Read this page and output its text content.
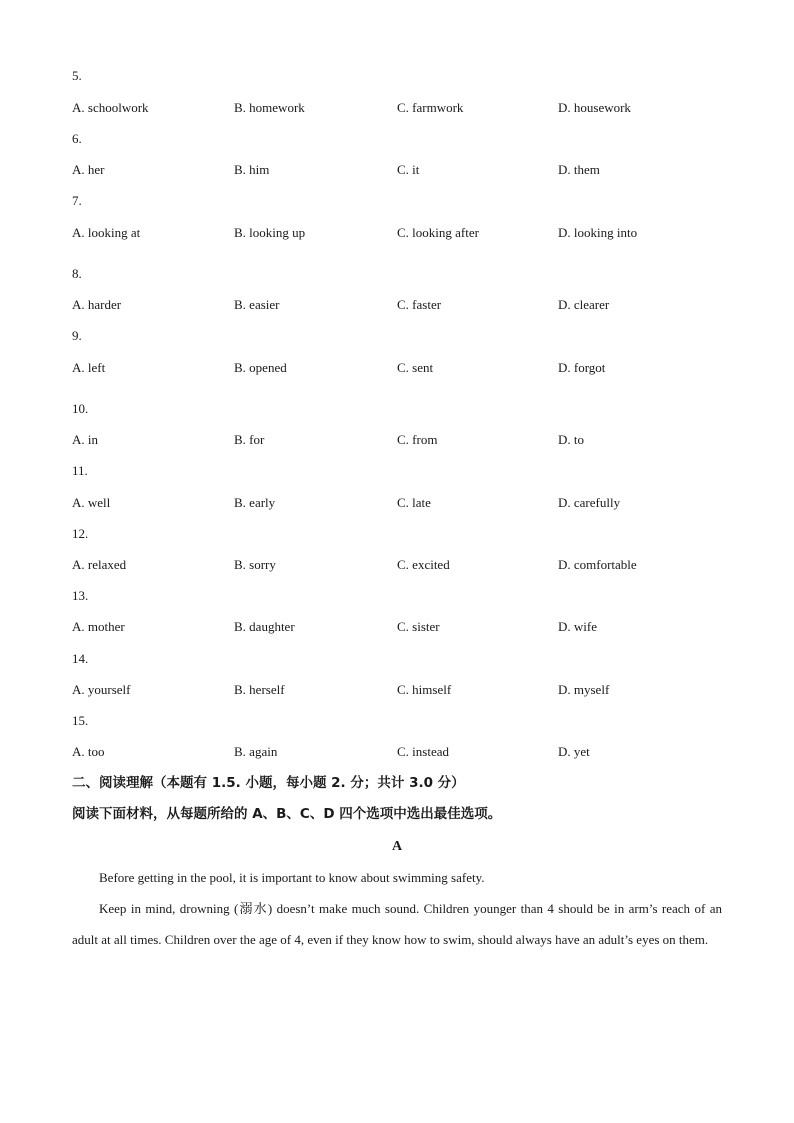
5.
A. schoolwork	B. homework	C. farmwork	D. housework
6.
A. her	B. him	C. it	D. them
7.
A. looking at	B. looking up	C. looking after	D. looking into
8.
A. harder	B. easier	C. faster	D. clearer
9.
A. left	B. opened	C. sent	D. forgot
10.
A. in	B. for	C. from	D. to
11.
A. well	B. early	C. late	D. carefully
12.
A. relaxed	B. sorry	C. excited	D. comfortable
13.
A. mother	B. daughter	C. sister	D. wife
14.
A. yourself	B. herself	C. himself	D. myself
15.
A. too	B. again	C. instead	D. yet
二、阅读理解（本题有 1.5. 小题，每小题 2. 分；共计 3.0 分）
阅读下面材料，从每题所给的 A、B、C、D 四个选项中选出最佳选项。
A

Before getting in the pool, it is important to know about swimming safety.

Keep in mind, drowning (溺水) doesn’t make much sound. Children younger than 4 should be in arm’s reach of an adult at all times. Children over the age of 4, even if they know how to swim, should always have an adult’s eyes on them.
